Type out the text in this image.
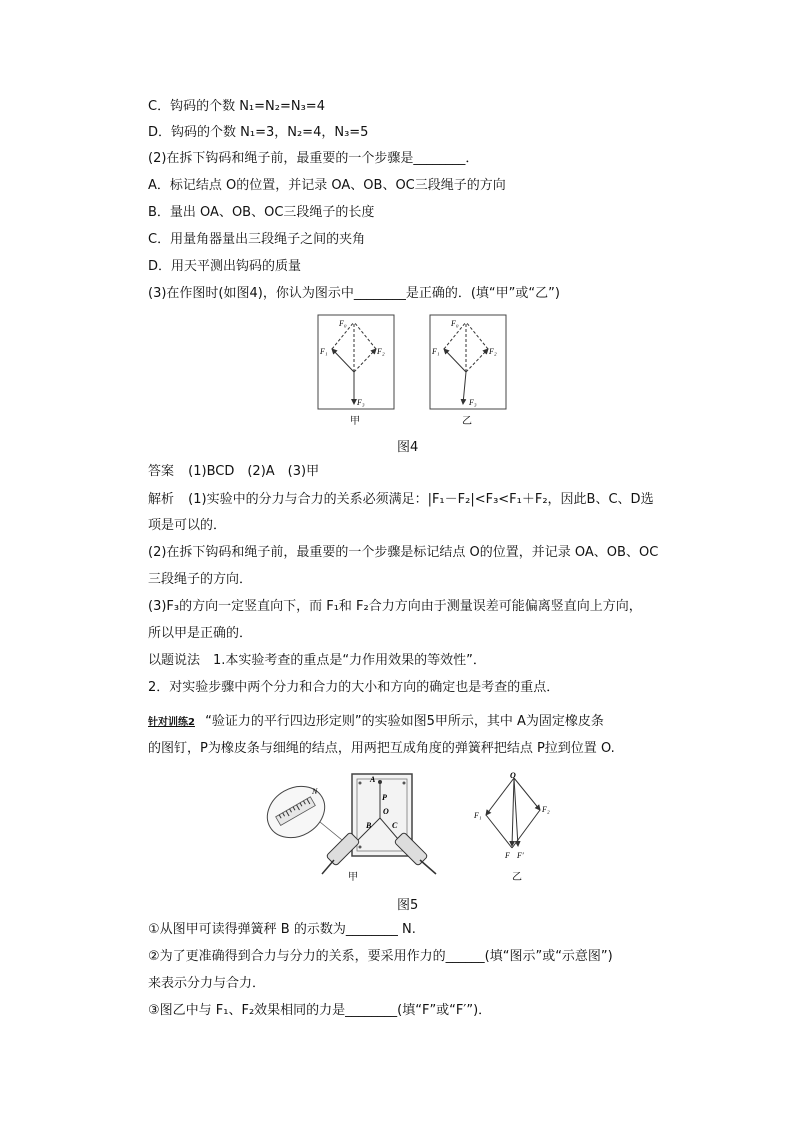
C．钩码的个数 N₁=N₂=N₃=4
D．钩码的个数 N₁=3，N₂=4，N₃=5
(2)在拆下钩码和绳子前，最重要的一个步骤是________．
A．标记结点 O的位置，并记录 OA、OB、OC三段绳子的方向
B．量出 OA、OB、OC三段绳子的长度
C．用量角器量出三段绳子之间的夹角
D．用天平测出钩码的质量
(3)在作图时(如图4)，你认为图示中________是正确的．(填“甲”或“乙”)
F₀
F₁	F₂
F₃
甲
F₀
F₁	F₂
F₃
乙
图4
答案 (1)BCD　(2)A　(3)甲
解析 (1)实验中的分力与合力的关系必须满足：|F₁－F₂|<F₃<F₁＋F₂，因此B、C、D选
项是可以的．
(2)在拆下钩码和绳子前，最重要的一个步骤是标记结点 O的位置，并记录 OA、OB、OC
三段绳子的方向．
(3)F₃的方向一定竖直向下，而 F₁和 F₂合力方向由于测量误差可能偏离竖直向上方向，
所以甲是正确的．
以题说法　1.本实验考查的重点是“力作用效果的等效性”．
2．对实验步骤中两个分力和合力的大小和方向的确定也是考查的重点．
针对训练2 “验证力的平行四边形定则”的实验如图5甲所示，其中 A为固定橡皮条
的图钉，P为橡皮条与细绳的结点，用两把互成角度的弹簧秤把结点 P拉到位置 O.
A
P
O
B	C
N
甲
O
F₁
F₂
F F′
乙
图5
①从图甲可读得弹簧秤 B 的示数为________ N.
②为了更准确得到合力与分力的关系，要采用作力的______(填“图示”或“示意图”)
来表示分力与合力．
③图乙中与 F₁、F₂效果相同的力是________(填“F”或“F′”)．
